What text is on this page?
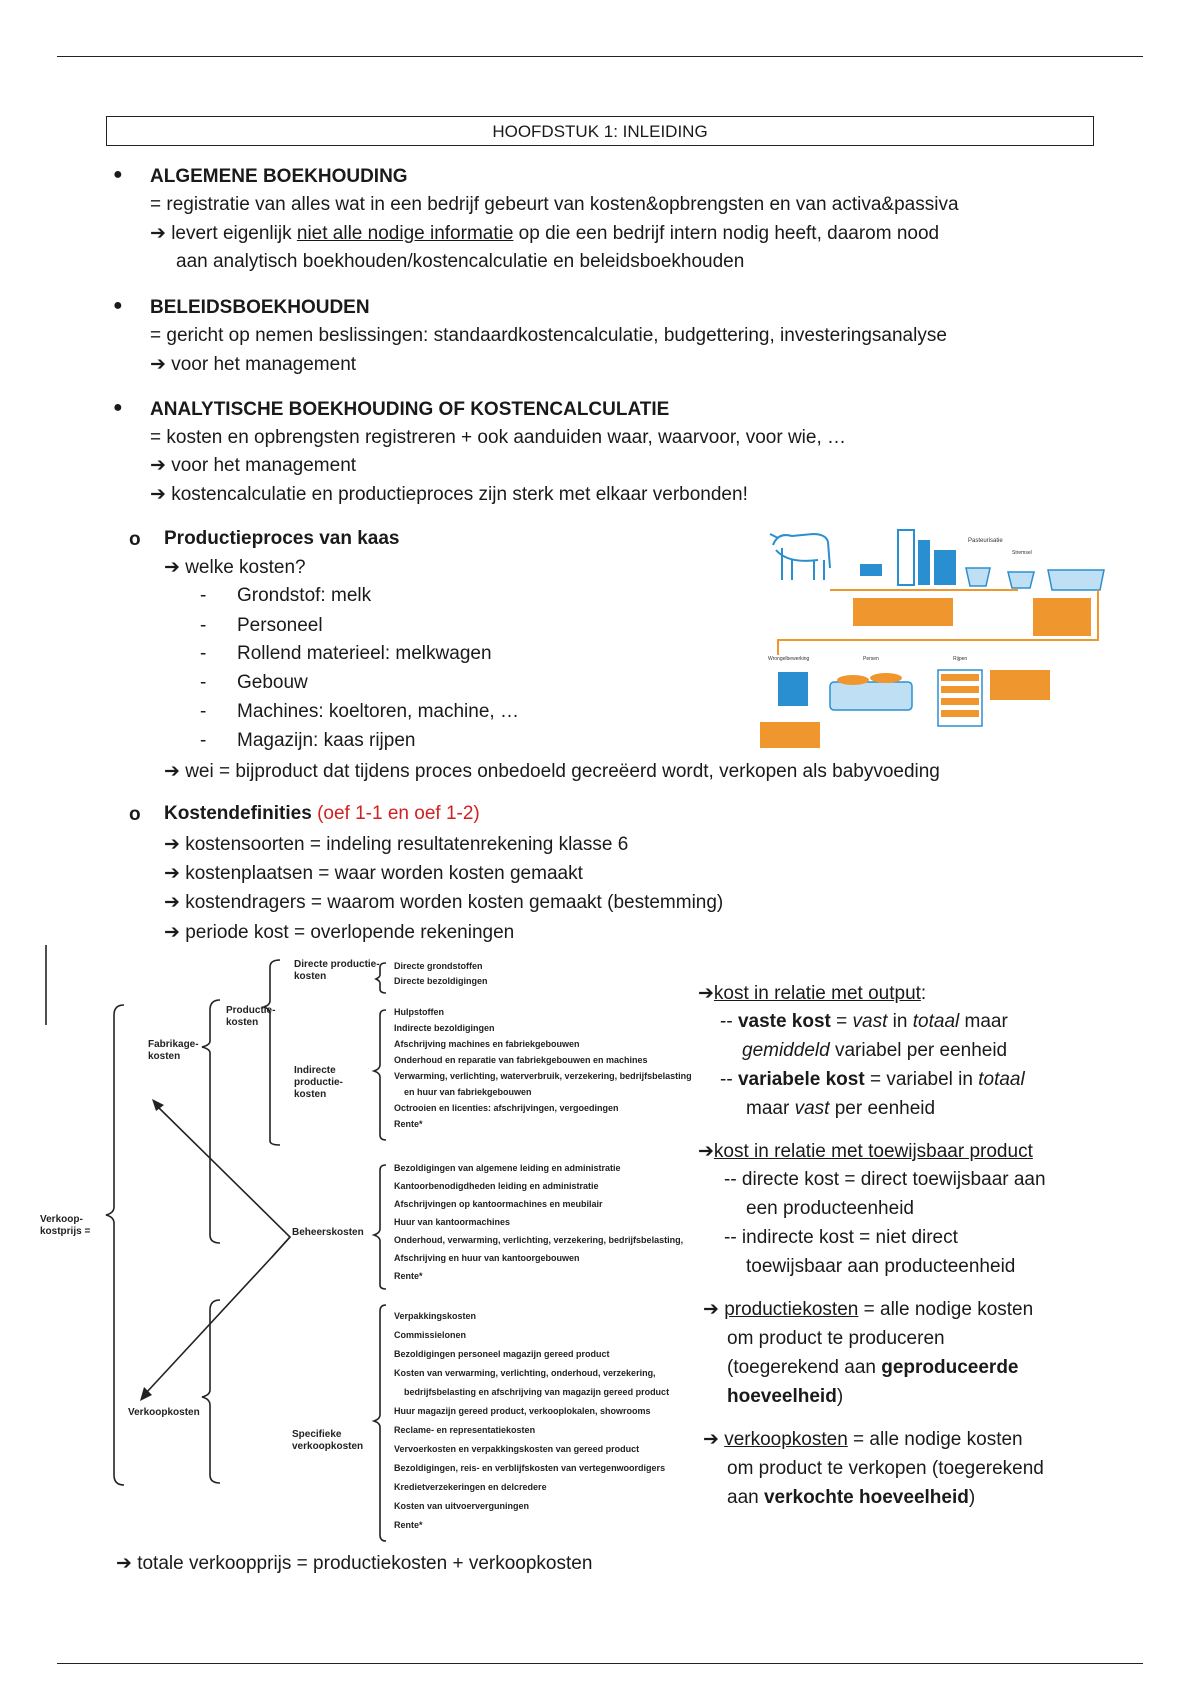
HOOFDSTUK 1: INLEIDING
● ALGEMENE BOEKHOUDING
= registratie van alles wat in een bedrijf gebeurt van kosten&opbrengsten en van activa&passiva
➔ levert eigenlijk niet alle nodige informatie op die een bedrijf intern nodig heeft, daarom nood
aan analytisch boekhouden/kostencalculatie en beleidsboekhouden
● BELEIDSBOEKHOUDEN
= gericht op nemen beslissingen: standaardkostencalculatie, budgettering, investeringsanalyse
➔ voor het management
● ANALYTISCHE BOEKHOUDING OF KOSTENCALCULATIE
= kosten en opbrengsten registreren + ook aanduiden waar, waarvoor, voor wie, …
➔ voor het management
➔ kostencalculatie en productieproces zijn sterk met elkaar verbonden!
o Productieproces van kaas
➔ welke kosten?
- Grondstof: melk
- Personeel
- Rollend materieel: melkwagen
- Gebouw
- Machines: koeltoren, machine, …
- Magazijn: kaas rijpen
➔ wei = bijproduct dat tijdens proces onbedoeld gecreëerd wordt, verkopen als babyvoeding
Pasteurisatie
Stremsel
Wrongelbewerking	Persen	Rijpen
o Kostendefinities (oef 1-1 en oef 1-2)
➔ kostensoorten = indeling resultatenrekening klasse 6
➔ kostenplaatsen = waar worden kosten gemaakt
➔ kostendragers = waarom worden kosten gemaakt (bestemming)
➔ periode kost = overlopende rekeningen
Verkoop-kostprijs =
Fabrikage-kosten
Productie-kosten
Verkoopkosten
Directe productie-kosten
Indirecte productie-kosten
Beheerskosten
Specifieke verkoopkosten
Directe grondstoffen
Directe bezoldigingen
Hulpstoffen
Indirecte bezoldigingen
Afschrijving machines en fabriekgebouwen
Onderhoud en reparatie van fabriekgebouwen en machines
Verwarming, verlichting, waterverbruik, verzekering, bedrijfsbelasting
en huur van fabriekgebouwen
Octrooien en licenties: afschrijvingen, vergoedingen
Rente*
Bezoldigingen van algemene leiding en administratie
Kantoorbenodigdheden leiding en administratie
Afschrijvingen op kantoormachines en meubilair
Huur van kantoormachines
Onderhoud, verwarming, verlichting, verzekering, bedrijfsbelasting,
Afschrijving en huur van kantoorgebouwen
Rente*
Verpakkingskosten
Commissielonen
Bezoldigingen personeel magazijn gereed product
Kosten van verwarming, verlichting, onderhoud, verzekering,
bedrijfsbelasting en afschrijving van magazijn gereed product
Huur magazijn gereed product, verkooplokalen, showrooms
Reclame- en representatiekosten
Vervoerkosten en verpakkingskosten van gereed product
Bezoldigingen, reis- en verblijfskosten van vertegenwoordigers
Kredietverzekeringen en delcredere
Kosten van uitvoerverguningen
Rente*
➔kost in relatie met output:
-- vaste kost = vast in totaal maar
gemiddeld variabel per eenheid
-- variabele kost = variabel in totaal
maar vast per eenheid
➔kost in relatie met toewijsbaar product
-- directe kost = direct toewijsbaar aan
een producteenheid
-- indirecte kost = niet direct
toewijsbaar aan producteenheid
➔ productiekosten = alle nodige kosten
om product te produceren
(toegerekend aan geproduceerde
hoeveelheid)
➔ verkoopkosten = alle nodige kosten
om product te verkopen (toegerekend
aan verkochte hoeveelheid)
➔ totale verkoopprijs = productiekosten + verkoopkosten
